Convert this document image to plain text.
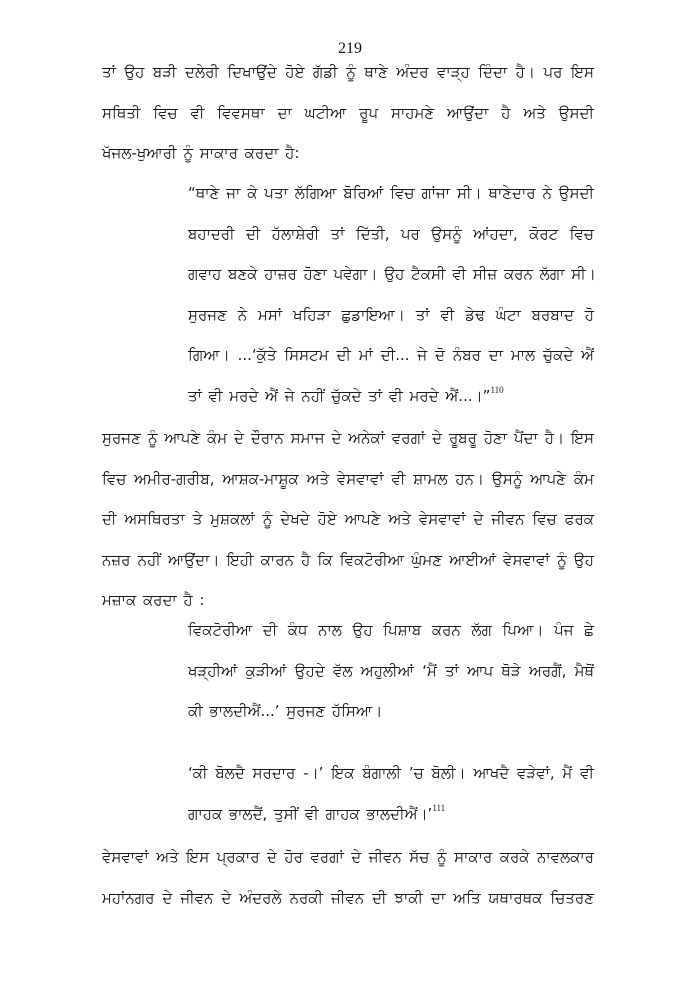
219
ਤਾਂ ਉਹ ਬੜੀ ਦਲੇਰੀ ਦਿਖਾਉਂਦੇ ਹੋਏ ਗੱਡੀ ਨੂੰ ਥਾਣੇ ਅੰਦਰ ਵਾੜ੍ਹ ਦਿੰਦਾ ਹੈ। ਪਰ ਇਸ
ਸਥਿਤੀ ਵਿਚ ਵੀ ਵਿਵਸਥਾ ਦਾ ਘਟੀਆ ਰੂਪ ਸਾਹਮਣੇ ਆਉਂਦਾ ਹੈ ਅਤੇ ਉਸਦੀ
ਖੱਜਲ-ਖੁਆਰੀ ਨੂੰ ਸਾਕਾਰ ਕਰਦਾ ਹੈ:
“ਥਾਣੇ ਜਾ ਕੇ ਪਤਾ ਲੱਗਿਆ ਬੋਰਿਆਂ ਵਿਚ ਗਾਂਜਾ ਸੀ। ਥਾਣੇਦਾਰ ਨੇ ਉਸਦੀ
ਬਹਾਦਰੀ ਦੀ ਹੱਲਾਸ਼ੇਰੀ ਤਾਂ ਦਿੱਤੀ, ਪਰ ਉਸਨੂੰ ਆਂਹਦਾ, ਕੋਰਟ ਵਿਚ
ਗਵਾਹ ਬਣਕੇ ਹਾਜ਼ਰ ਹੋਣਾ ਪਵੇਗਾ। ਉਹ ਟੈਕਸੀ ਵੀ ਸੀਜ਼ ਕਰਨ ਲੱਗਾ ਸੀ।
ਸੁਰਜਣ ਨੇ ਮਸਾਂ ਖਹਿੜਾ ਛੁਡਾਇਆ। ਤਾਂ ਵੀ ਡੇਢ ਘੰਟਾ ਬਰਬਾਦ ਹੋ
ਗਿਆ। ...‘ਕੁੱਤੇ ਸਿਸਟਮ ਦੀ ਮਾਂ ਦੀ... ਜੇ ਦੋ ਨੰਬਰ ਦਾ ਮਾਲ ਚੁੱਕਦੇ ਐਂ
ਤਾਂ ਵੀ ਮਰਦੇ ਐਂ ਜੇ ਨਹੀਂ ਚੁੱਕਦੇ ਤਾਂ ਵੀ ਮਰਦੇ ਐਂ...।”$^{110}$
ਸੁਰਜਣ ਨੂੰ ਆਪਣੇ ਕੰਮ ਦੇ ਦੌਰਾਨ ਸਮਾਜ ਦੇ ਅਨੇਕਾਂ ਵਰਗਾਂ ਦੇ ਰੂਬਰੂ ਹੋਣਾ ਪੈਂਦਾ ਹੈ। ਇਸ
ਵਿਚ ਅਮੀਰ-ਗਰੀਬ, ਆਸ਼ਕ-ਮਾਸ਼ੂਕ ਅਤੇ ਵੇਸਵਾਵਾਂ ਵੀ ਸ਼ਾਮਲ ਹਨ। ਉਸਨੂੰ ਆਪਣੇ ਕੰਮ
ਦੀ ਅਸਥਿਰਤਾ ਤੇ ਮੁਸ਼ਕਲਾਂ ਨੂੰ ਦੇਖਦੇ ਹੋਏ ਆਪਣੇ ਅਤੇ ਵੇਸਵਾਵਾਂ ਦੇ ਜੀਵਨ ਵਿਚ ਫਰਕ
ਨਜ਼ਰ ਨਹੀਂ ਆਉਂਦਾ। ਇਹੀ ਕਾਰਨ ਹੈ ਕਿ ਵਿਕਟੋਰੀਆ ਘੁੰਮਣ ਆਈਆਂ ਵੇਸਵਾਵਾਂ ਨੂੰ ਉਹ
ਮਜ਼ਾਕ ਕਰਦਾ ਹੈ :
ਵਿਕਟੋਰੀਆ ਦੀ ਕੰਧ ਨਾਲ ਉਹ ਪਿਸ਼ਾਬ ਕਰਨ ਲੱਗ ਪਿਆ। ਪੰਜ ਛੇ
ਖੜ੍ਹੀਆਂ ਕੁੜੀਆਂ ਉਹਦੇ ਵੱਲ ਅਹੁਲੀਆਂ ‘ਮੈਂ ਤਾਂ ਆਪ ਥੋੜੇ ਅਰਗੈਂ, ਮੈਥੋਂ
ਕੀ ਭਾਲਦੀਐਂ...’ ਸੁਰਜਣ ਹੱਸਿਆ।
‘ਕੀ ਬੋਲਦੈ ਸਰਦਾਰ -।’ ਇਕ ਬੰਗਾਲੀ ’ਚ ਬੋਲੀ। ਆਖਦੈ ਵੜੇਵਾਂ, ਮੈਂ ਵੀ
ਗਾਹਕ ਭਾਲਦੈਂ, ਤੁਸੀਂ ਵੀ ਗਾਹਕ ਭਾਲਦੀਐਂ।’$^{111}$
ਵੇਸਵਾਵਾਂ ਅਤੇ ਇਸ ਪ੍ਰਕਾਰ ਦੇ ਹੋਰ ਵਰਗਾਂ ਦੇ ਜੀਵਨ ਸੱਚ ਨੂੰ ਸਾਕਾਰ ਕਰਕੇ ਨਾਵਲਕਾਰ
ਮਹਾਂਨਗਰ ਦੇ ਜੀਵਨ ਦੇ ਅੰਦਰਲੇ ਨਰਕੀ ਜੀਵਨ ਦੀ ਝਾਕੀ ਦਾ ਅਤਿ ਯਥਾਰਥਕ ਚਿਤਰਣ
